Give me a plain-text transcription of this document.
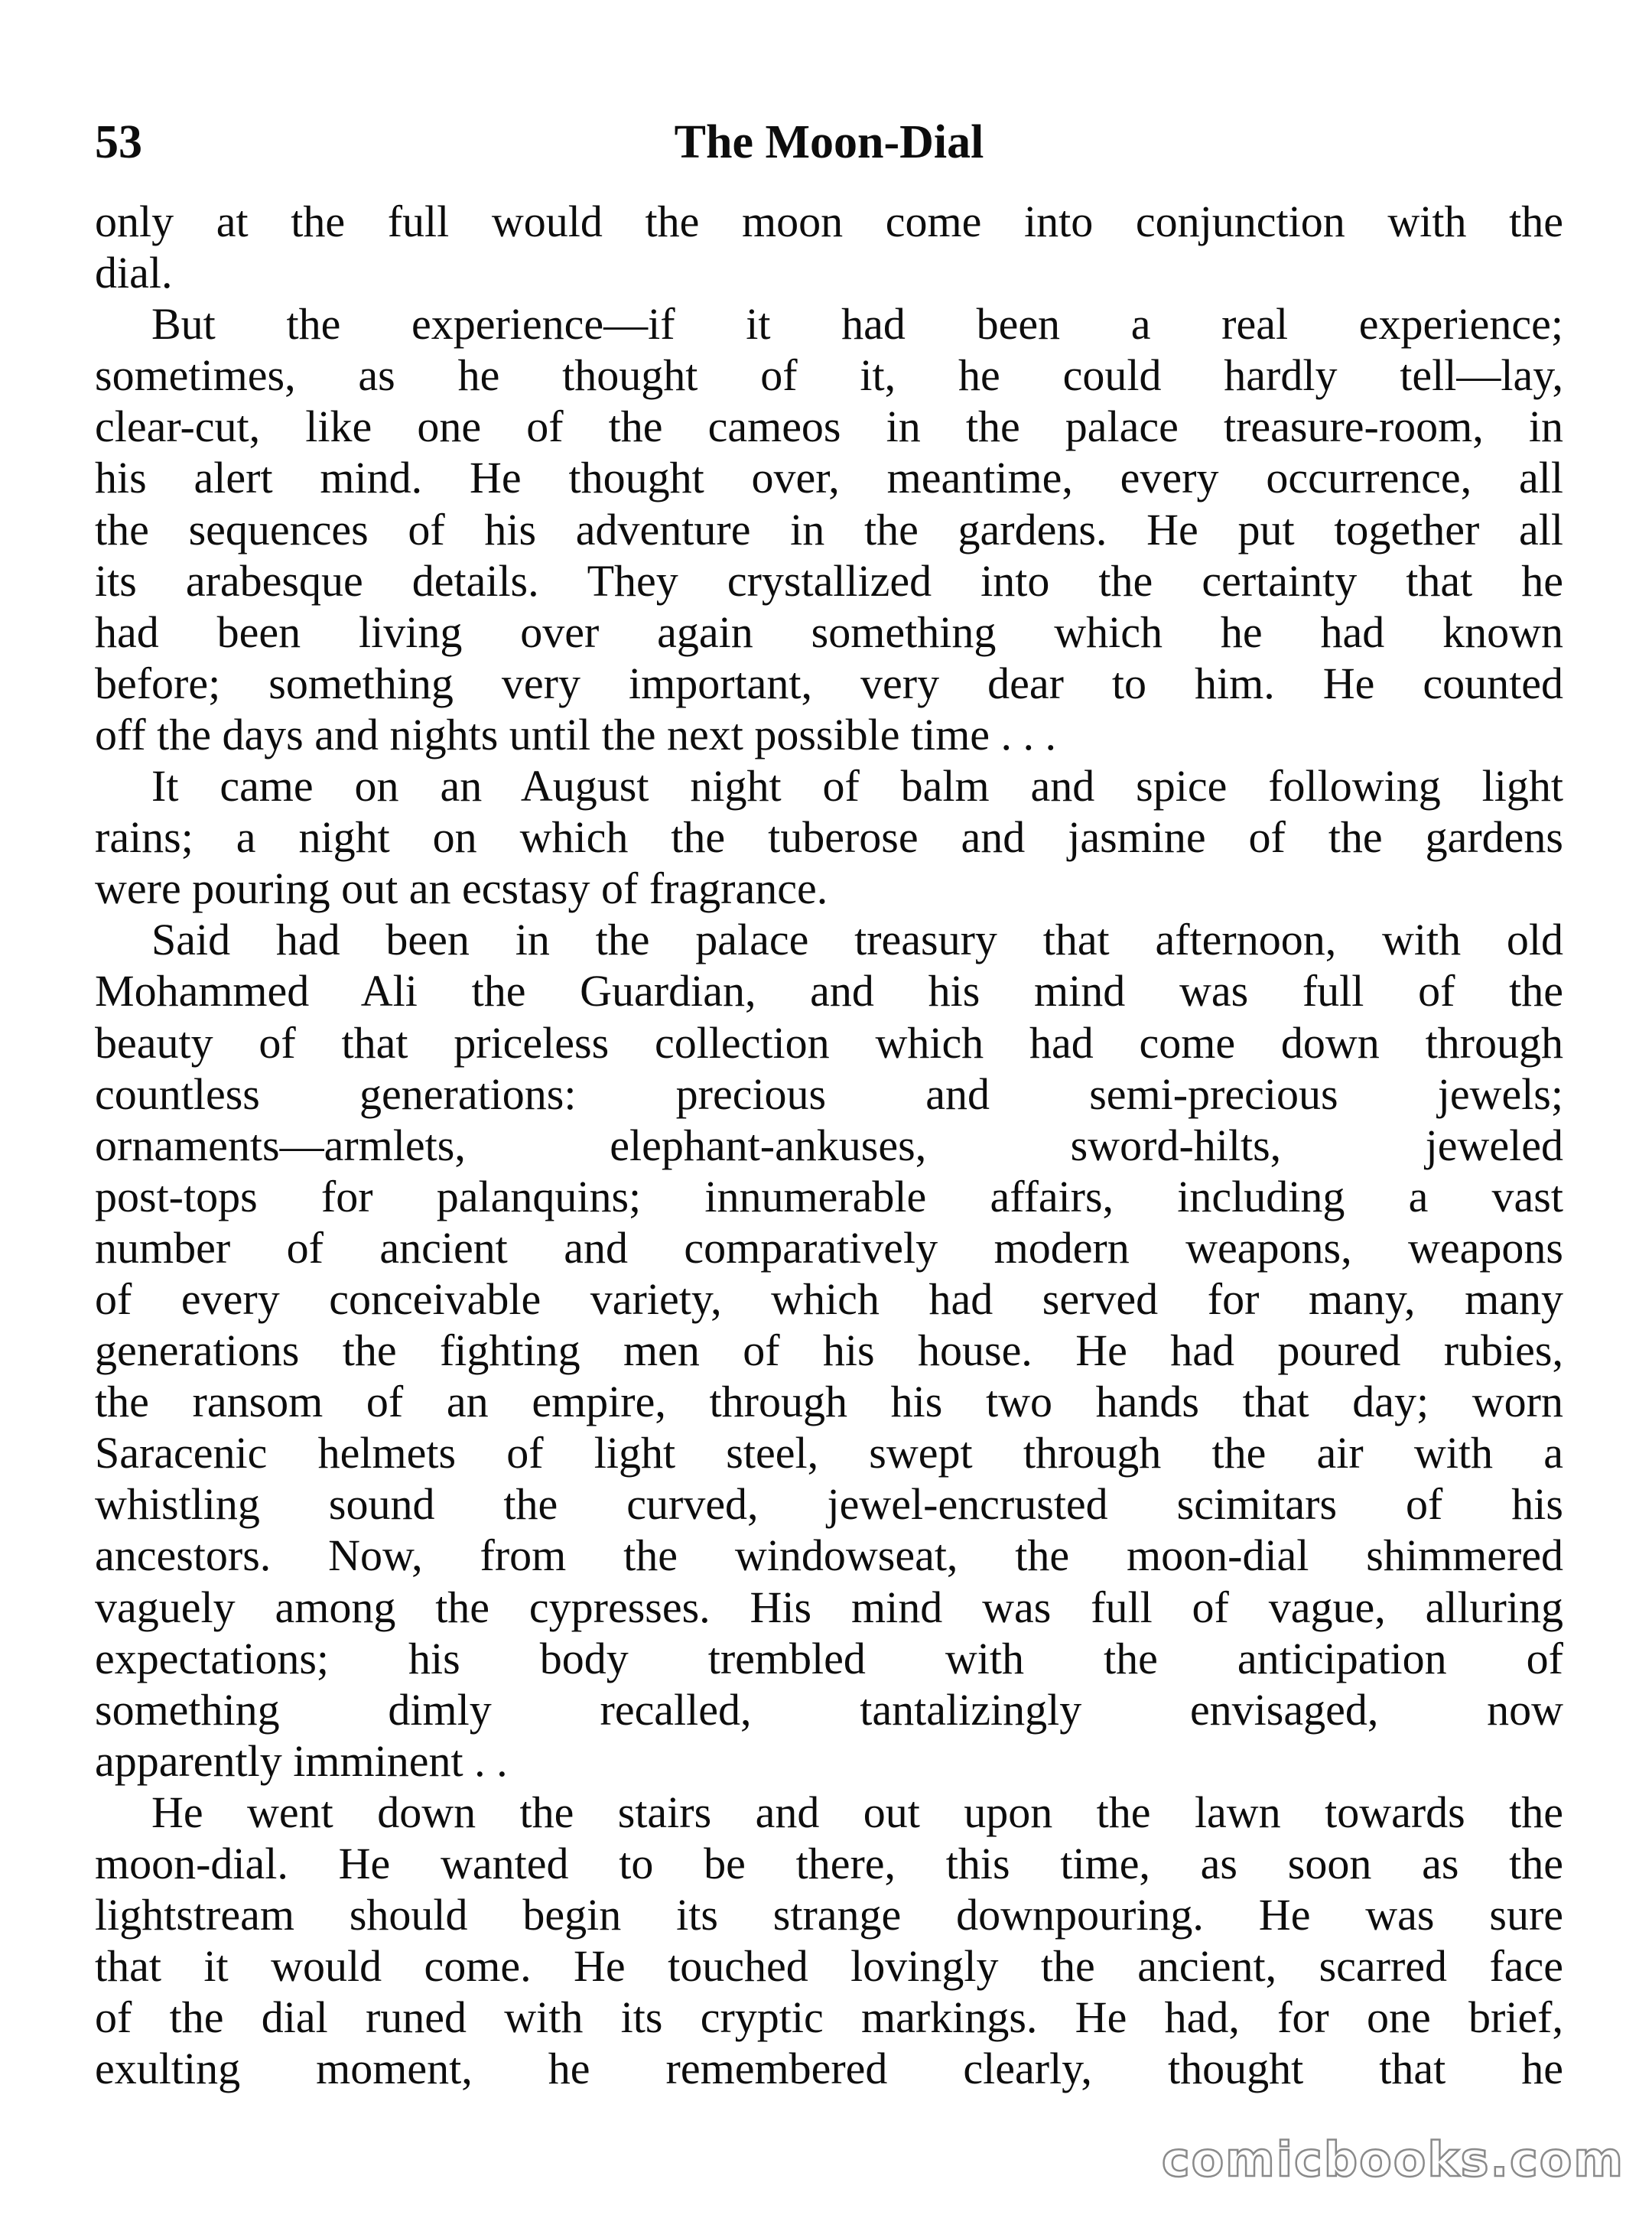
53	The Moon-Dial
only at the full would the moon come into conjunction with the
dial.
But the experience—if it had been a real experience;
sometimes, as he thought of it, he could hardly tell—lay,
clear-cut, like one of the cameos in the palace treasure-room, in
his alert mind. He thought over, meantime, every occurrence, all
the sequences of his adventure in the gardens. He put together all
its arabesque details. They crystallized into the certainty that he
had been living over again something which he had known
before; something very important, very dear to him. He counted
off the days and nights until the next possible time . . .
It came on an August night of balm and spice following light
rains; a night on which the tuberose and jasmine of the gardens
were pouring out an ecstasy of fragrance.
Said had been in the palace treasury that afternoon, with old
Mohammed Ali the Guardian, and his mind was full of the
beauty of that priceless collection which had come down through
countless generations: precious and semi-precious jewels;
ornaments—armlets, elephant-ankuses, sword-hilts, jeweled
post-tops for palanquins; innumerable affairs, including a vast
number of ancient and comparatively modern weapons, weapons
of every conceivable variety, which had served for many, many
generations the fighting men of his house. He had poured rubies,
the ransom of an empire, through his two hands that day; worn
Saracenic helmets of light steel, swept through the air with a
whistling sound the curved, jewel-encrusted scimitars of his
ancestors. Now, from the windowseat, the moon-dial shimmered
vaguely among the cypresses. His mind was full of vague, alluring
expectations; his body trembled with the anticipation of
something dimly recalled, tantalizingly envisaged, now
apparently imminent . .
He went down the stairs and out upon the lawn towards the
moon-dial. He wanted to be there, this time, as soon as the
lightstream should begin its strange downpouring. He was sure
that it would come. He touched lovingly the ancient, scarred face
of the dial runed with its cryptic markings. He had, for one brief,
exulting moment, he remembered clearly, thought that he
comicbooks.com
